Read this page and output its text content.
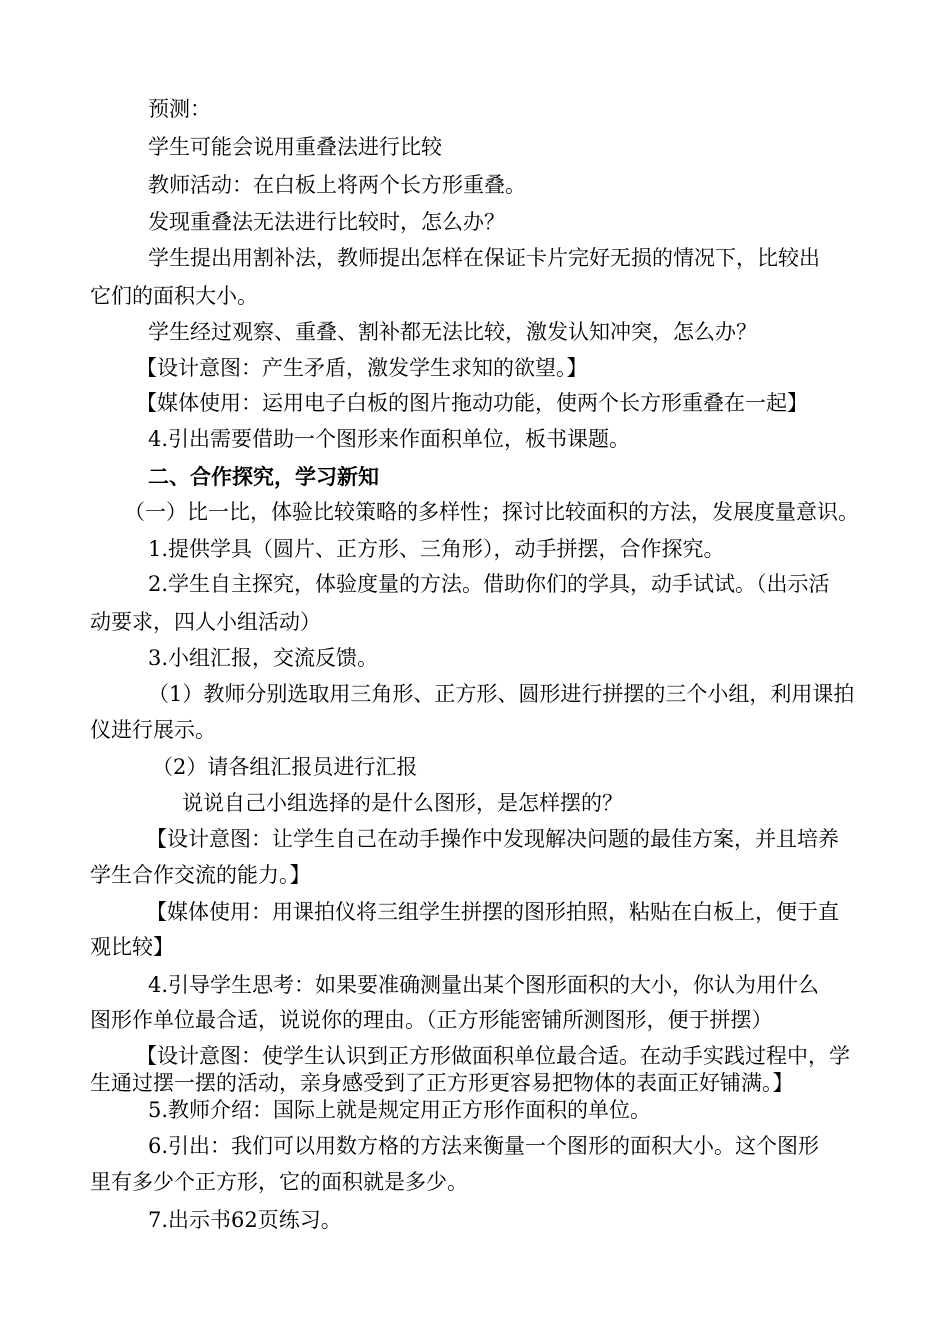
预测：
学生可能会说用重叠法进行比较
教师活动：在白板上将两个长方形重叠。
发现重叠法无法进行比较时，怎么办？
学生提出用割补法，教师提出怎样在保证卡片完好无损的情况下，比较出
它们的面积大小。
学生经过观察、重叠、割补都无法比较，激发认知冲突，怎么办？
【设计意图：产生矛盾，激发学生求知的欲望。】
【媒体使用：运用电子白板的图片拖动功能，使两个长方形重叠在一起】
4.引出需要借助一个图形来作面积单位，板书课题。
二、合作探究，学习新知
（一）比一比，体验比较策略的多样性；探讨比较面积的方法，发展度量意识。
1.提供学具（圆片、正方形、三角形），动手拼摆，合作探究。
2.学生自主探究，体验度量的方法。借助你们的学具，动手试试。（出示活
动要求，四人小组活动）
3.小组汇报，交流反馈。
（1）教师分别选取用三角形、正方形、圆形进行拼摆的三个小组，利用课拍
仪进行展示。
（2）请各组汇报员进行汇报
说说自己小组选择的是什么图形，是怎样摆的？
【设计意图：让学生自己在动手操作中发现解决问题的最佳方案，并且培养
学生合作交流的能力。】
【媒体使用：用课拍仪将三组学生拼摆的图形拍照，粘贴在白板上，便于直
观比较】
4.引导学生思考：如果要准确测量出某个图形面积的大小，你认为用什么
图形作单位最合适，说说你的理由。（正方形能密铺所测图形，便于拼摆）
【设计意图：使学生认识到正方形做面积单位最合适。在动手实践过程中，学
生通过摆一摆的活动，亲身感受到了正方形更容易把物体的表面正好铺满。】
5.教师介绍：国际上就是规定用正方形作面积的单位。
6.引出：我们可以用数方格的方法来衡量一个图形的面积大小。这个图形
里有多少个正方形，它的面积就是多少。
7.出示书62页练习。
